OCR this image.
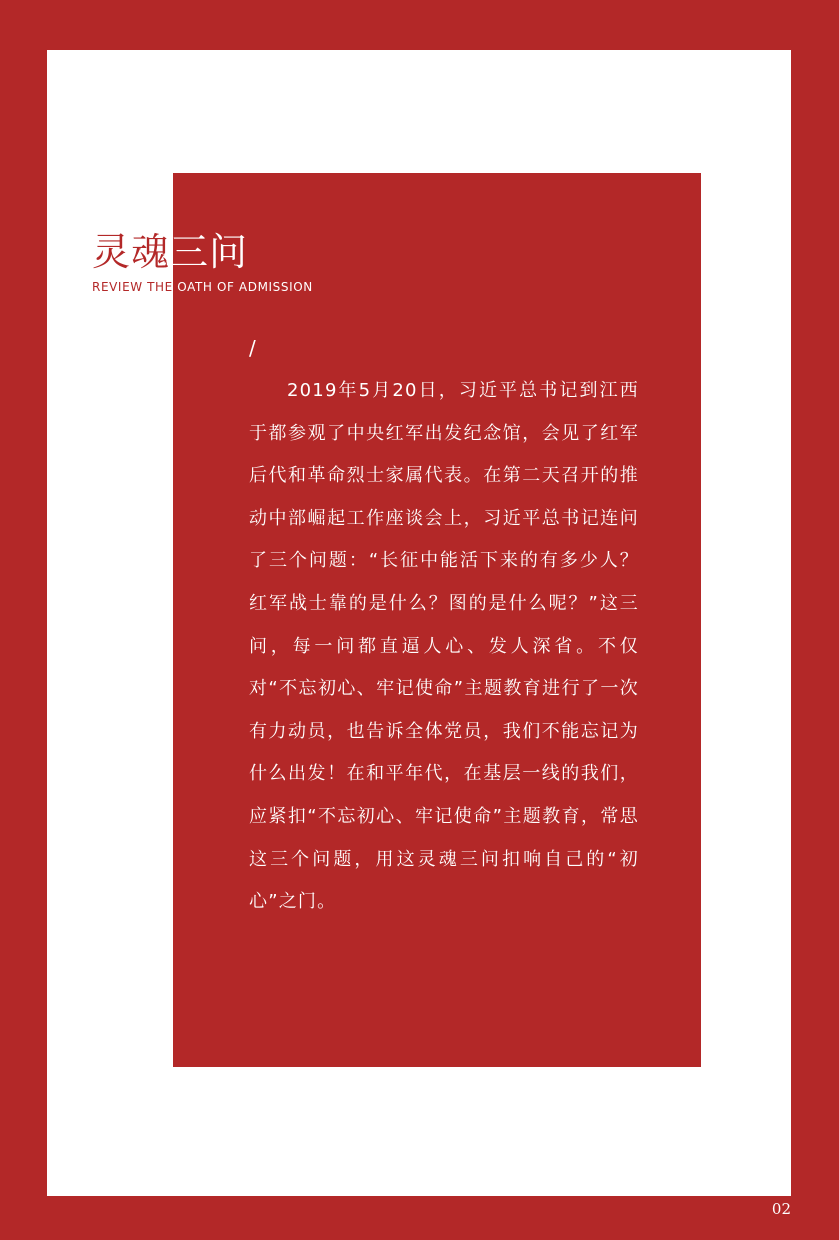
灵魂三问
REVIEW THE OATH OF ADMISSION
/

2019年5月20日，习近平总书记到江西于都参观了中央红军出发纪念馆，会见了红军后代和革命烈士家属代表。在第二天召开的推动中部崛起工作座谈会上，习近平总书记连问了三个问题：“长征中能活下来的有多少人？红军战士靠的是什么？图的是什么呢？”这三问，每一问都直逼人心、发人深省。不仅对“不忘初心、牢记使命”主题教育进行了一次有力动员，也告诉全体党员，我们不能忘记为什么出发！在和平年代，在基层一线的我们，应紧扣“不忘初心、牢记使命”主题教育，常思这三个问题，用这灵魂三问扣响自己的“初心”之门。

02
